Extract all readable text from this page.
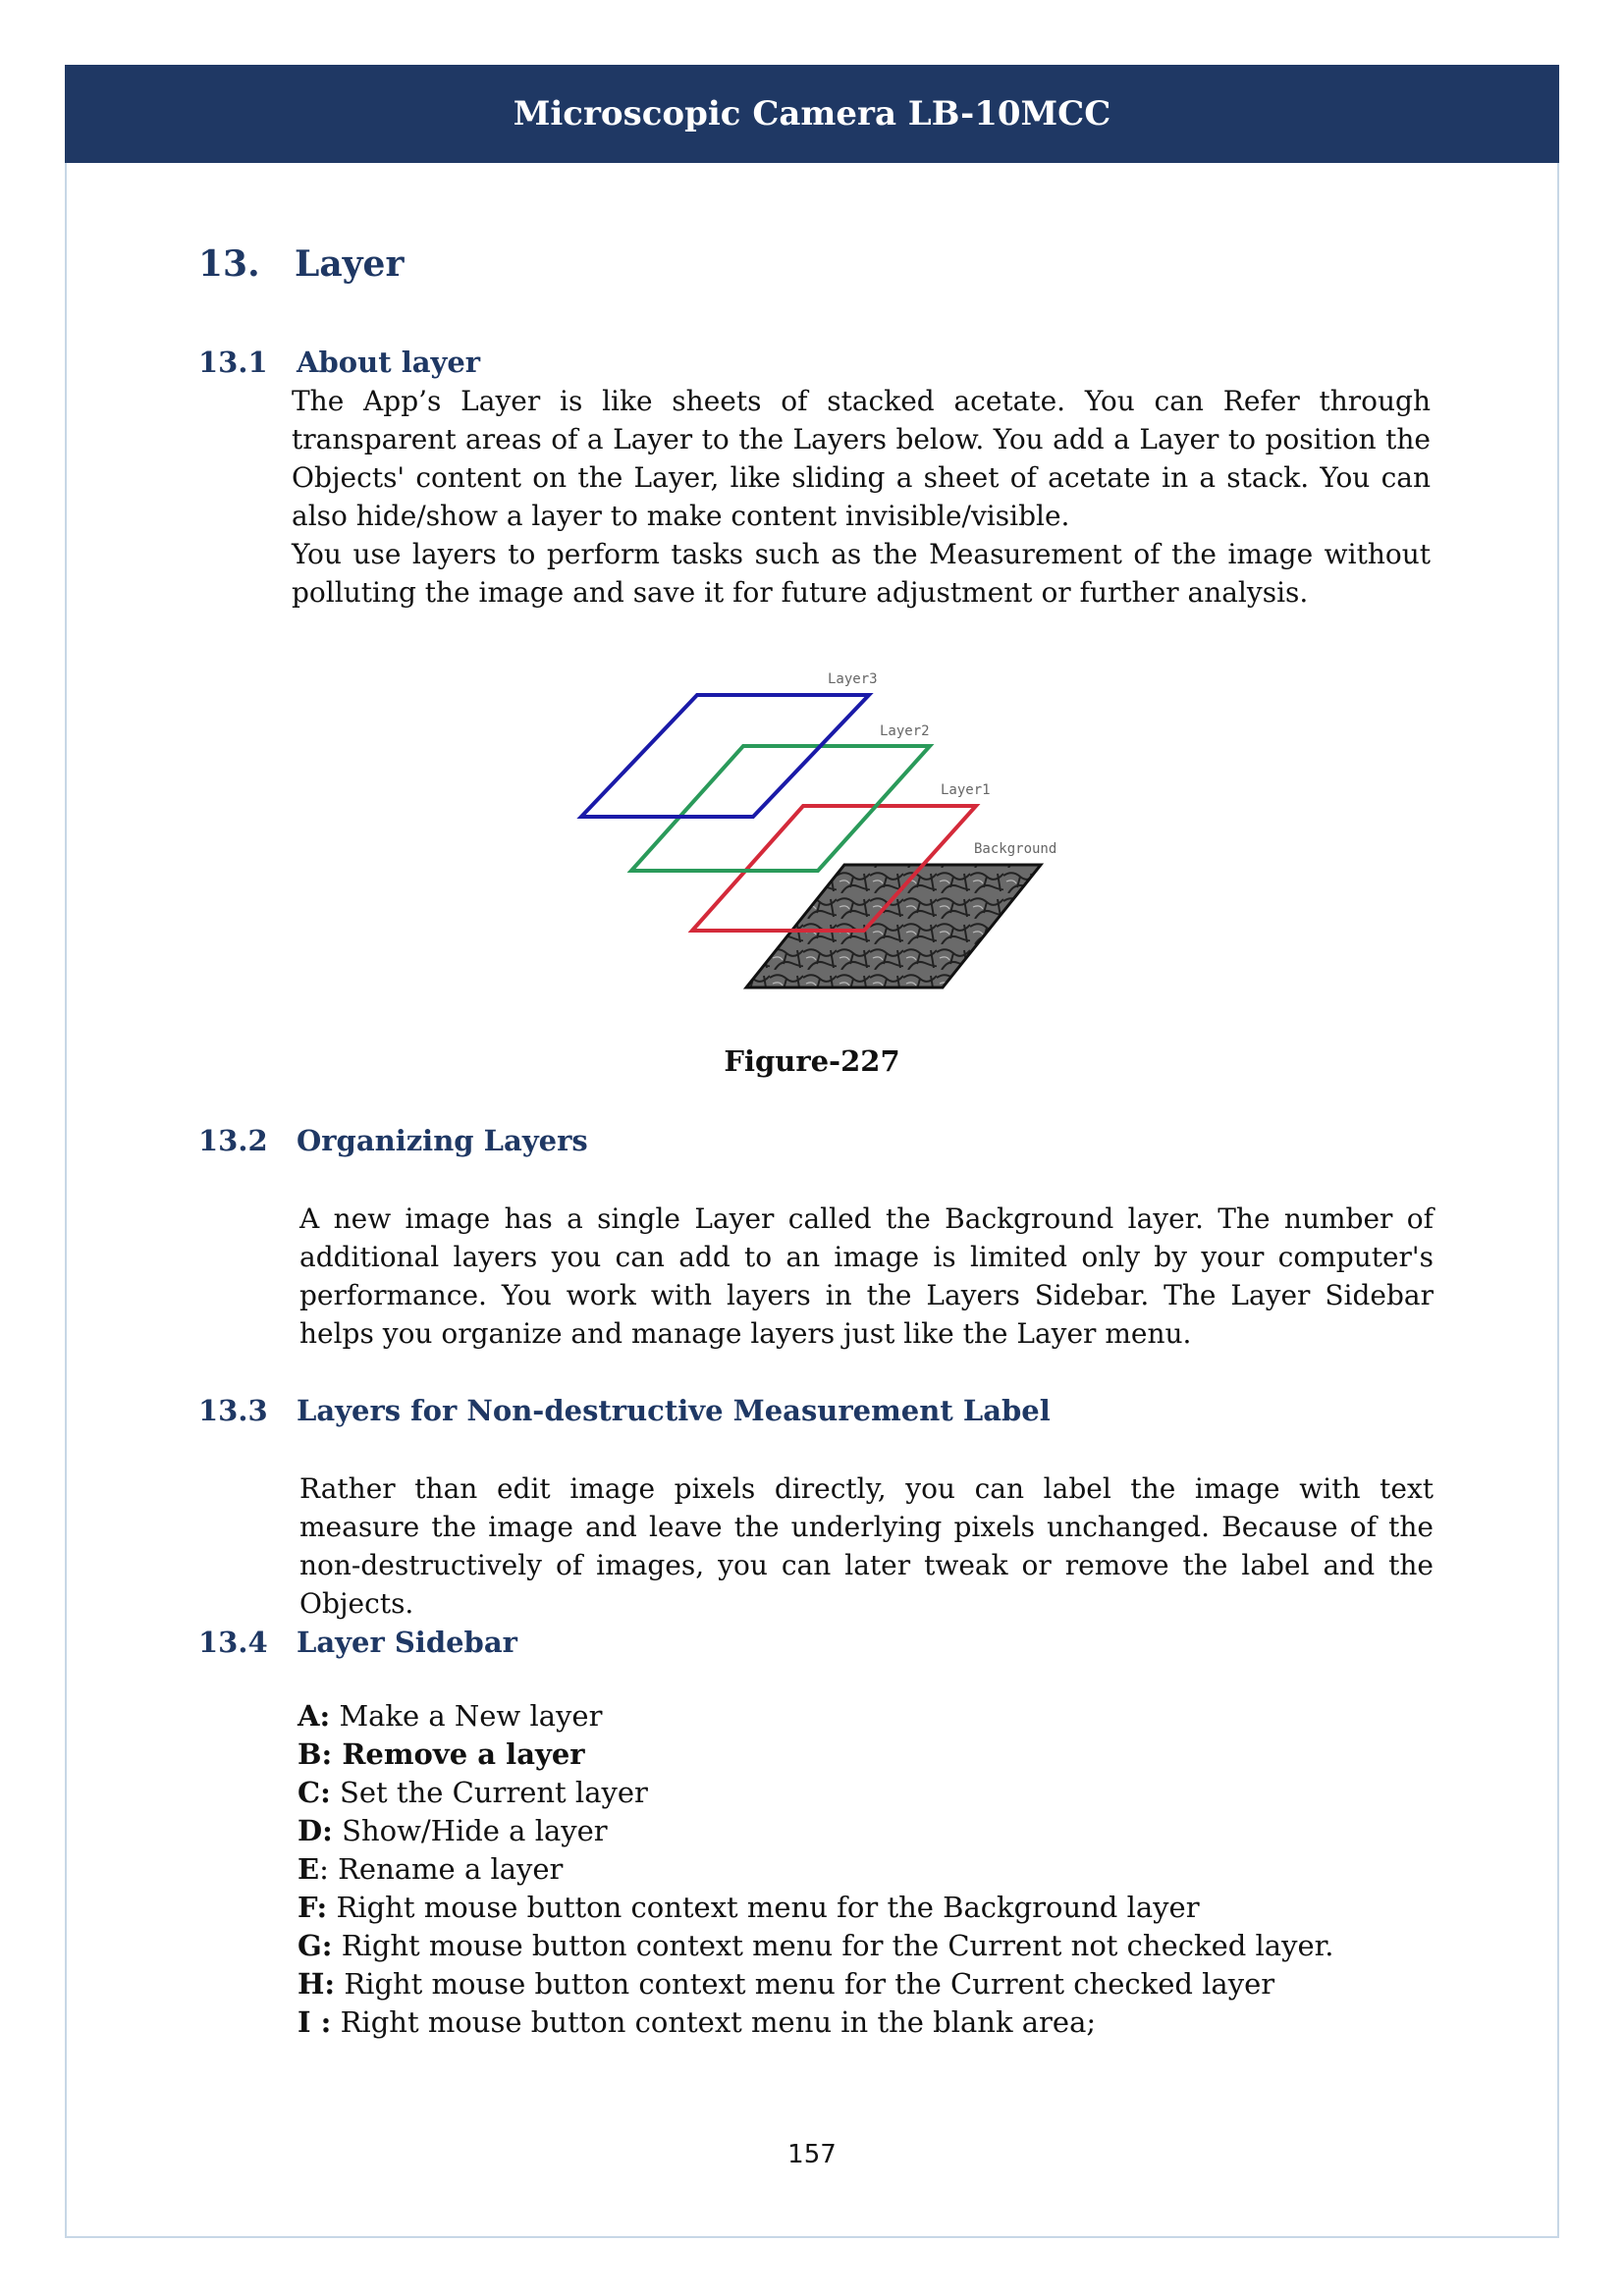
Microscopic Camera LB-10MCC
13. Layer
13.1 About layer

The App’s Layer is like sheets of stacked acetate. You can Refer through transparent areas of a Layer to the Layers below. You add a Layer to position the Objects' content on the Layer, like sliding a sheet of acetate in a stack. You can also hide/show a layer to make content invisible/visible.

You use layers to perform tasks such as the Measurement of the image without polluting the image and save it for future adjustment or further analysis.

Layer3
Layer2
Layer1
Background
Figure-227
13.2 Organizing Layers

A new image has a single Layer called the Background layer. The number of additional layers you can add to an image is limited only by your computer's performance. You work with layers in the Layers Sidebar. The Layer Sidebar helps you organize and manage layers just like the Layer menu.

13.3 Layers for Non-destructive Measurement Label

Rather than edit image pixels directly, you can label the image with text measure the image and leave the underlying pixels unchanged. Because of the non-destructively of images, you can later tweak or remove the label and the Objects.

13.4 Layer Sidebar
A: Make a New layer
B: Remove a layer
C: Set the Current layer
D: Show/Hide a layer
E: Rename a layer
F: Right mouse button context menu for the Background layer
G: Right mouse button context menu for the Current not checked layer.
H: Right mouse button context menu for the Current checked layer
I : Right mouse button context menu in the blank area;
157
